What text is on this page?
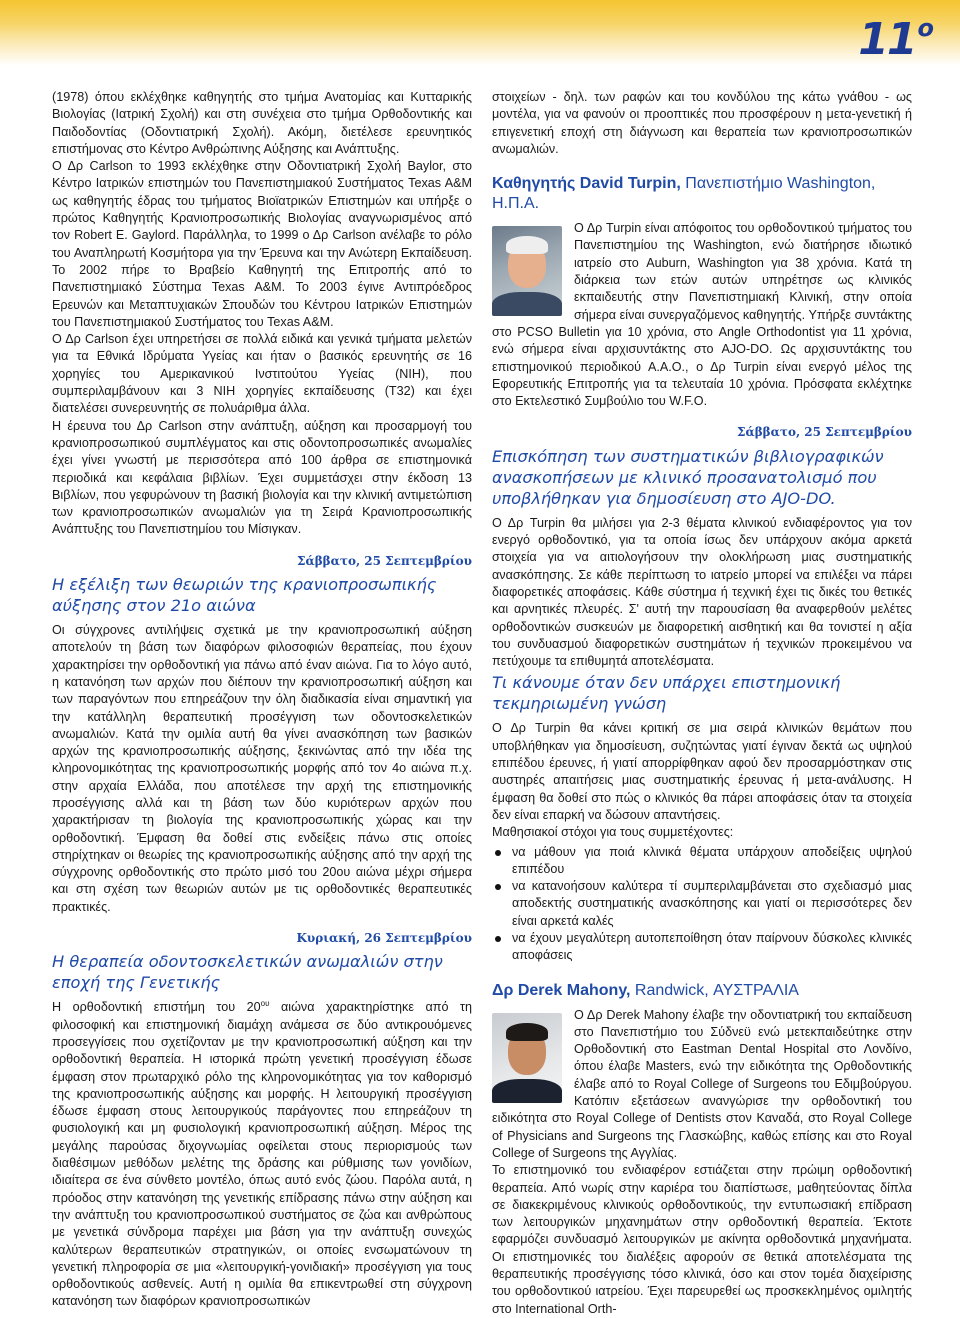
$11^o$

(1978) όπου εκλέχθηκε καθηγητής στο τμήμα Ανατομίας και Κυτταρικής Βιολογίας (Ιατρική Σχολή) και στη συνέχεια στο τμήμα Ορθοδοντικής και Παιδοδοντίας (Οδοντιατρική Σχολή). Ακόμη, διετέλεσε ερευνητικός επιστήμονας στο Κέντρο Ανθρώπινης Αύξησης και Ανάπτυξης.

Ο Δρ Carlson το 1993 εκλέχθηκε στην Οδοντιατρική Σχολή Baylor, στο Κέντρο Ιατρικών επιστημών του Πανεπιστημιακού Συστήματος Texas A&M ως καθηγητής έδρας του τμήματος Βιοϊατρικών Επιστημών και υπήρξε ο πρώτος Καθηγητής Κρανιοπροσωπικής Βιολογίας αναγνωρισμένος από τον Robert E. Gaylord. Παράλληλα, το 1999 ο Δρ Carlson ανέλαβε το ρόλο του Αναπληρωτή Κοσμήτορα για την Έρευνα και την Ανώτερη Εκπαίδευση. Το 2002 πήρε το Βραβείο Καθηγητή της Επιτροπής από το Πανεπιστημιακό Σύστημα Texas A&M. Το 2003 έγινε Αντιπρόεδρος Ερευνών και Μεταπτυχιακών Σπουδών του Κέντρου Ιατρικών Επιστημών του Πανεπιστημιακού Συστήματος του Texas A&M.

Ο Δρ Carlson έχει υπηρετήσει σε πολλά ειδικά και γενικά τμήματα μελετών για τα Εθνικά Ιδρύματα Υγείας και ήταν ο βασικός ερευνητής σε 16 χορηγίες του Αμερικανικού Ινστιτούτου Υγείας (NIH), που συμπεριλαμβάνουν και 3 NIH χορηγίες εκπαίδευσης (T32) και έχει διατελέσει συνερευνητής σε πολυάριθμα άλλα.

Η έρευνα του Δρ Carlson στην ανάπτυξη, αύξηση και προσαρμογή του κρανιοπροσωπικού συμπλέγματος και στις οδοντοπροσωπικές ανωμαλίες έχει γίνει γνωστή με περισσότερα από 100 άρθρα σε επιστημονικά περιοδικά και κεφάλαια βιβλίων. Έχει συμμετάσχει στην έκδοση 13 Βιβλίων, που γεφυρώνουν τη βασική βιολογία και την κλινική αντιμετώπιση των κρανιοπροσωπικών ανωμαλιών για τη Σειρά Κρανιοπροσωπικής Ανάπτυξης του Πανεπιστημίου του Μίσιγκαν.

Σάββατο, 25 Σεπτεμβρίου
Η εξέλιξη των θεωριών της κρανιοπροσωπικής αύξησης στον 21ο αιώνα

Οι σύγχρονες αντιλήψεις σχετικά με την κρανιοπροσωπική αύξηση αποτελούν τη βάση των διαφόρων φιλοσοφιών θεραπείας, που έχουν χαρακτηρίσει την ορθοδοντική για πάνω από έναν αιώνα. Για το λόγο αυτό, η κατανόηση των αρχών που διέπουν την κρανιοπροσωπική αύξηση και των παραγόντων που επηρεάζουν την όλη διαδικασία είναι σημαντική για την κατάλληλη θεραπευτική προσέγγιση των οδοντοσκελετικών ανωμαλιών. Κατά την ομιλία αυτή θα γίνει ανασκόπηση των βασικών αρχών της κρανιοπροσωπικής αύξησης, ξεκινώντας από την ιδέα της κληρονομικότητας της κρανιοπροσωπικής μορφής από τον 4ο αιώνα π.χ. στην αρχαία Ελλάδα, που αποτέλεσε την αρχή της επιστημονικής προσέγγισης αλλά και τη βάση των δύο κυριότερων αρχών που χαρακτήρισαν τη βιολογία της κρανιοπροσωπικής χώρας και την ορθοδοντική. Έμφαση θα δοθεί στις ενδείξεις πάνω στις οποίες στηρίχτηκαν οι θεωρίες της κρανιοπροσωπικής αύξησης από την αρχή της σύγχρονης ορθοδοντικής στο πρώτο μισό του 20ου αιώνα μέχρι σήμερα και στη σχέση των θεωριών αυτών με τις ορθοδοντικές θεραπευτικές πρακτικές.

Κυριακή, 26 Σεπτεμβρίου
Η θεραπεία οδοντοσκελετικών ανωμαλιών στην εποχή της Γενετικής

Η ορθοδοντική επιστήμη του $20^{o\upsilon}$ αιώνα χαρακτηρίστηκε από τη φιλοσοφική και επιστημονική διαμάχη ανάμεσα σε δύο αντικρουόμενες προσεγγίσεις που σχετίζονταν με την κρανιοπροσωπική αύξηση και την ορθοδοντική θεραπεία. Η ιστορικά πρώτη γενετική προσέγγιση έδωσε έμφαση στον πρωταρχικό ρόλο της κληρονομικότητας για τον καθορισμό της κρανιοπροσωπικής αύξησης και μορφής. Η λειτουργική προσέγγιση έδωσε έμφαση στους λειτουργικούς παράγοντες που επηρεάζουν τη φυσιολογική και μη φυσιολογική κρανιοπροσωπική αύξηση. Μέρος της μεγάλης παρούσας διχογνωμίας οφείλεται στους περιορισμούς των διαθέσιμων μεθόδων μελέτης της δράσης και ρύθμισης των γονιδίων, ιδιαίτερα σε ένα σύνθετο μοντέλο, όπως αυτό ενός ζώου. Παρόλα αυτά, η πρόοδος στην κατανόηση της γενετικής επίδρασης πάνω στην αύξηση και την ανάπτυξη του κρανιοπροσωπικού συστήματος σε ζώα και ανθρώπους με γενετικά σύνδρομα παρέχει μια βάση για την ανάπτυξη συνεχώς καλύτερων θεραπευτικών στρατηγικών, οι οποίες ενσωματώνουν τη γενετική πληροφορία σε μια «λειτουργική-γονιδιακή» προσέγγιση για τους ορθοδοντικούς ασθενείς. Αυτή η ομιλία θα επικεντρωθεί στη σύγχρονη κατανόηση των διαφόρων κρανιοπροσωπικών

στοιχείων - δηλ. των ραφών και του κονδύλου της κάτω γνάθου - ως μοντέλα, για να φανούν οι προοπτικές που προσφέρουν η μετα-γενετική ή επιγενετική εποχή στη διάγνωση και θεραπεία των κρανιοπροσωπικών ανωμαλιών.

Καθηγητής David Turpin, Πανεπιστήμιο Washington, Η.Π.Α.

Ο Δρ Turpin είναι απόφοιτος του ορθοδοντικού τμήματος του Πανεπιστημίου της Washington, ενώ διατήρησε ιδιωτικό ιατρείο στο Auburn, Washington για 38 χρόνια. Κατά τη διάρκεια των ετών αυτών υπηρέτησε ως κλινικός εκπαιδευτής στην Πανεπιστημιακή Κλινική, στην οποία σήμερα είναι συνεργαζόμενος καθηγητής. Υπήρξε συντάκτης στο PCSO Bulletin για 10 χρόνια, στο Angle Orthodontist για 11 χρόνια, ενώ σήμερα είναι αρχισυντάκτης στο AJO-DO. Ως αρχισυντάκτης του επιστημονικού περιοδικού Α.Α.Ο., ο Δρ Turpin είναι ενεργό μέλος της Εφορευτικής Επιτροπής για τα τελευταία 10 χρόνια. Πρόσφατα εκλέχτηκε στο Εκτελεστικό Συμβούλιο του W.F.O.

Σάββατο, 25 Σεπτεμβρίου
Επισκόπηση των συστηματικών βιβλιογραφικών ανασκοπήσεων με κλινικό προσανατολισμό που υποβλήθηκαν για δημοσίευση στο AJO-DO.

Ο Δρ Turpin θα μιλήσει για 2-3 θέματα κλινικού ενδιαφέροντος για τον ενεργό ορθοδοντικό, για τα οποία ίσως δεν υπάρχουν ακόμα αρκετά στοιχεία για να αιτιολογήσουν την ολοκλήρωση μιας συστηματικής ανασκόπησης. Σε κάθε περίπτωση το ιατρείο μπορεί να επιλέξει να πάρει διαφορετικές αποφάσεις. Κάθε σύστημα ή τεχνική έχει τις δικές του θετικές και αρνητικές πλευρές. Σ' αυτή την παρουσίαση θα αναφερθούν μελέτες ορθοδοντικών συσκευών με διαφορετική αισθητική και θα τονιστεί η αξία του συνδυασμού διαφορετικών συστημάτων ή τεχνικών προκειμένου να πετύχουμε τα επιθυμητά αποτελέσματα.

Τι κάνουμε όταν δεν υπάρχει επιστημονική τεκμηριωμένη γνώση

Ο Δρ Turpin θα κάνει κριτική σε μια σειρά κλινικών θεμάτων που υποβλήθηκαν για δημοσίευση, συζητώντας γιατί έγιναν δεκτά ως υψηλού επιπέδου έρευνες, ή γιατί απορρίφθηκαν αφού δεν προσαρμόστηκαν στις αυστηρές απαιτήσεις μιας συστηματικής έρευνας ή μετα-ανάλυσης. Η έμφαση θα δοθεί στο πώς ο κλινικός θα πάρει αποφάσεις όταν τα στοιχεία δεν είναι επαρκή να δώσουν απαντήσεις.

Μαθησιακοί στόχοι για τους συμμετέχοντες:

να μάθουν για ποιά κλινικά θέματα υπάρχουν αποδείξεις υψηλού επιπέδου
να κατανοήσουν καλύτερα τί συμπεριλαμβάνεται στο σχεδιασμό μιας αποδεκτής συστηματικής ανασκόπησης και γιατί οι περισσότερες δεν είναι αρκετά καλές
να έχουν μεγαλύτερη αυτοπεποίθηση όταν παίρνουν δύσκολες κλινικές αποφάσεις
Δρ Derek Mahony, Randwick, ΑΥΣΤΡΑΛΙΑ

Ο Δρ Derek Mahony έλαβε την οδοντιατρική του εκπαίδευση στο Πανεπιστήμιο του Σύδνεϋ ενώ μετεκπαιδεύτηκε στην Ορθοδοντική στο Eastman Dental Hospital στο Λονδίνο, όπου έλαβε Masters, ενώ την ειδικότητα της Ορθοδοντικής έλαβε από το Royal College of Surgeons του Εδιμβούργου. Κατόπιν εξετάσεων ανανγώρισε την ορθοδοντική του ειδικότητα στο Royal College of Dentists στον Καναδά, στο Royal College of Physicians and Surgeons της Γλασκώβης, καθώς επίσης και στο Royal College of Surgeons της Αγγλίας.

Το επιστημονικό του ενδιαφέρον εστιάζεται στην πρώιμη ορθοδοντική θεραπεία. Από νωρίς στην καριέρα του διαπίστωσε, μαθητεύοντας δίπλα σε διακεκριμένους κλινικούς ορθοδοντικούς, την εντυπωσιακή επίδραση των λειτουργικών μηχανημάτων στην ορθοδοντική θεραπεία. Έκτοτε εφαρμόζει συνδυασμό λειτουργικών με ακίνητα ορθοδοντικά μηχανήματα. Οι επιστημονικές του διαλέξεις αφορούν σε θετικά αποτελέσματα της θεραπευτικής προσέγγισης τόσο κλινικά, όσο και στον τομέα διαχείρισης του ορθοδοντικού ιατρείου. Έχει παρευρεθεί ως προσκεκλημένος ομιλητής στο International Orth-
